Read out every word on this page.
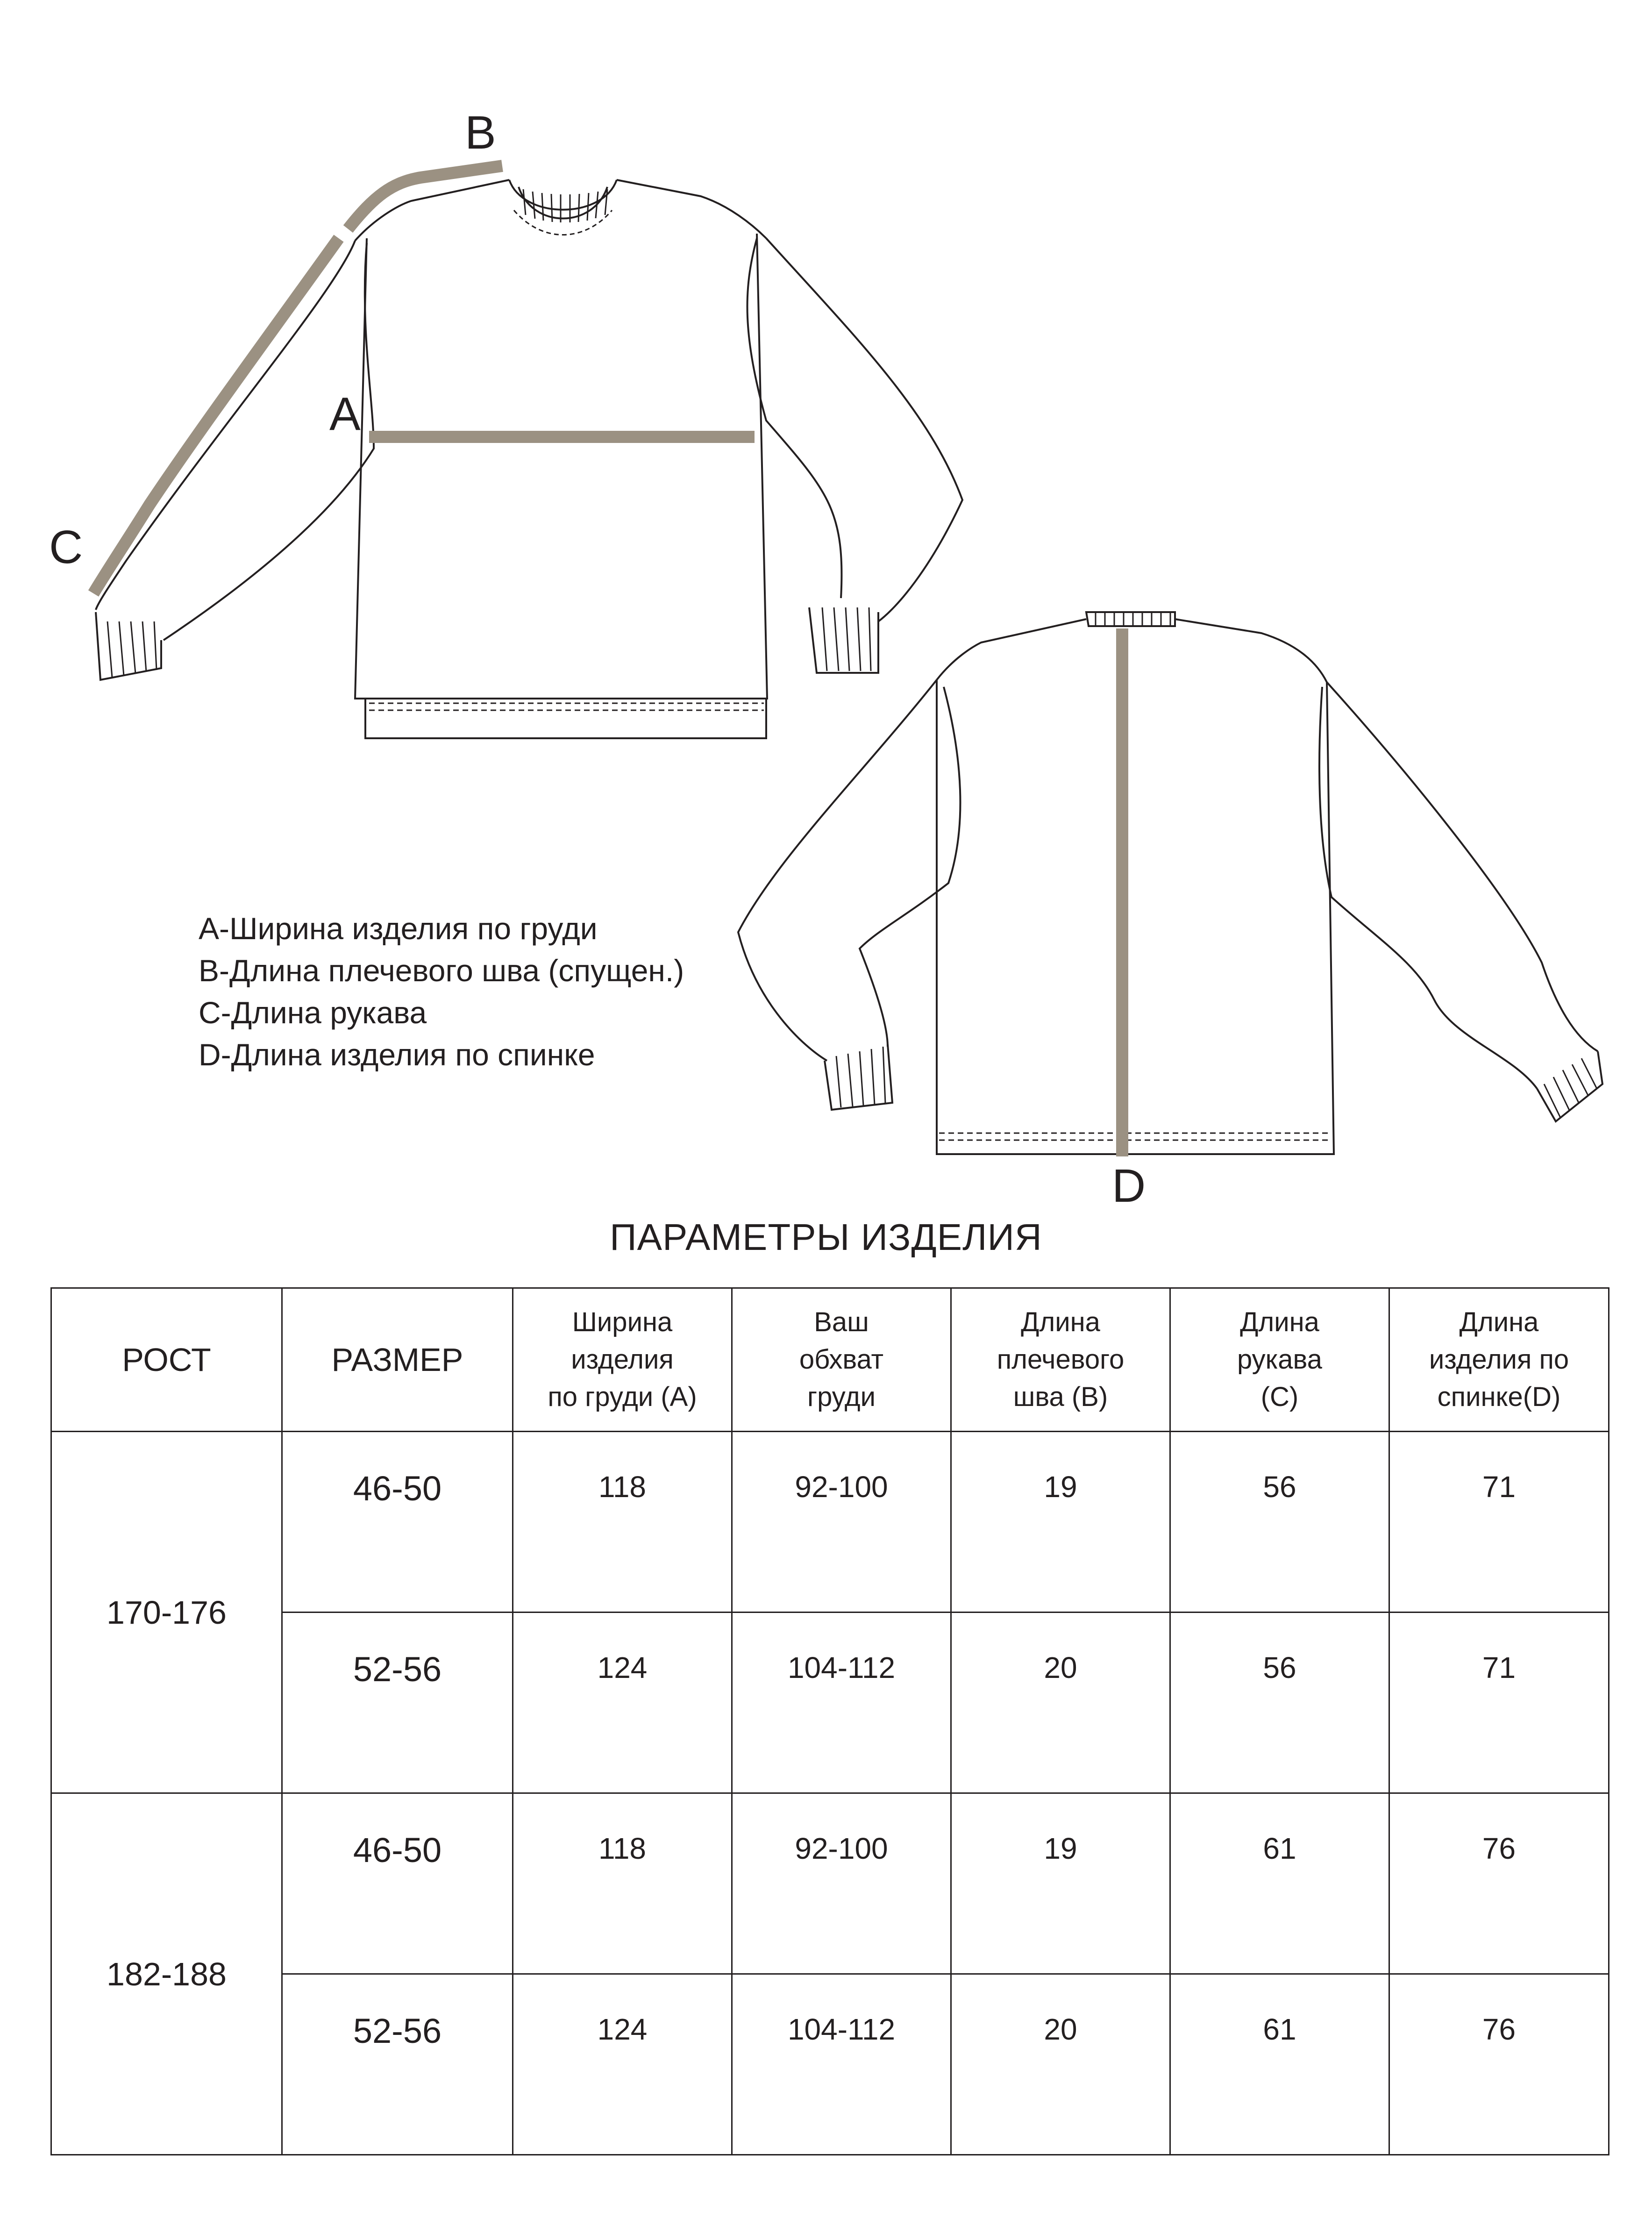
A
B
C
D
A-Ширина изделия по груди
B-Длина плечевого шва (спущен.)
C-Длина рукава
D-Длина изделия по спинке
ПАРАМЕТРЫ ИЗДЕЛИЯ
РОСТ	РАЗМЕР	Ширина
изделия
по груди (A)	Ваш
обхват
груди	Длина
плечевого
шва (B)	Длина
рукава
(C)	Длина
изделия по
спинке(D)

170-176	46-50	118	92-100	19	56	71
	52-56	124	104-112	20	56	71
182-188	46-50	118	92-100	19	61	76
	52-56	124	104-112	20	61	76
